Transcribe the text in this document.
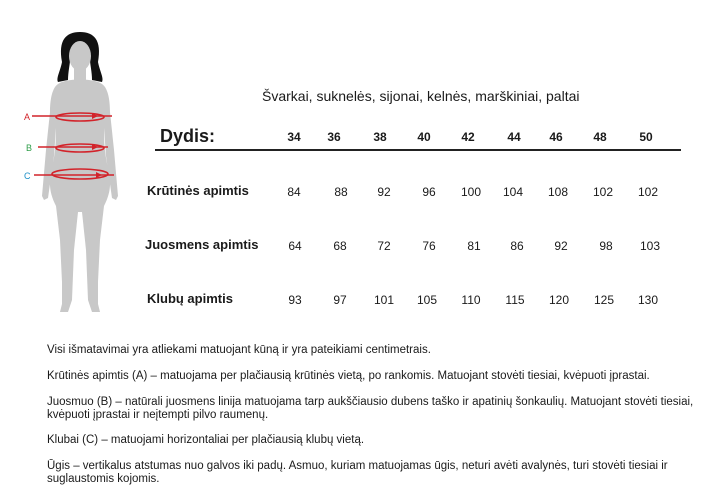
A
B
C
Švarkai, suknelės, sijonai, kelnės, marškiniai, paltai
Dydis:	34	36	38	40	42	44	46	48	50
Krūtinės apimtis	84	88	92	96	100	104	108	102	102
Juosmens apimtis	64	68	72	76	81	86	92	98	103
Klubų apimtis	93	97	101	105	110	115	120	125	130
Visi išmatavimai yra atliekami matuojant kūną ir yra pateikiami centimetrais.
Krūtinės apimtis (A) – matuojama per plačiausią krūtinės vietą, po rankomis. Matuojant stovėti tiesiai, kvėpuoti įprastai.
Juosmuo (B) – natūrali juosmens linija matuojama tarp aukščiausio dubens taško ir apatinių šonkaulių. Matuojant stovėti tiesiai, kvėpuoti įprastai ir neįtempti pilvo raumenų.
Klubai (C) – matuojami horizontaliai per plačiausią klubų vietą.
Ūgis – vertikalus atstumas nuo galvos iki padų. Asmuo, kuriam matuojamas ūgis, neturi avėti avalynės, turi stovėti tiesiai ir suglaustomis kojomis.
